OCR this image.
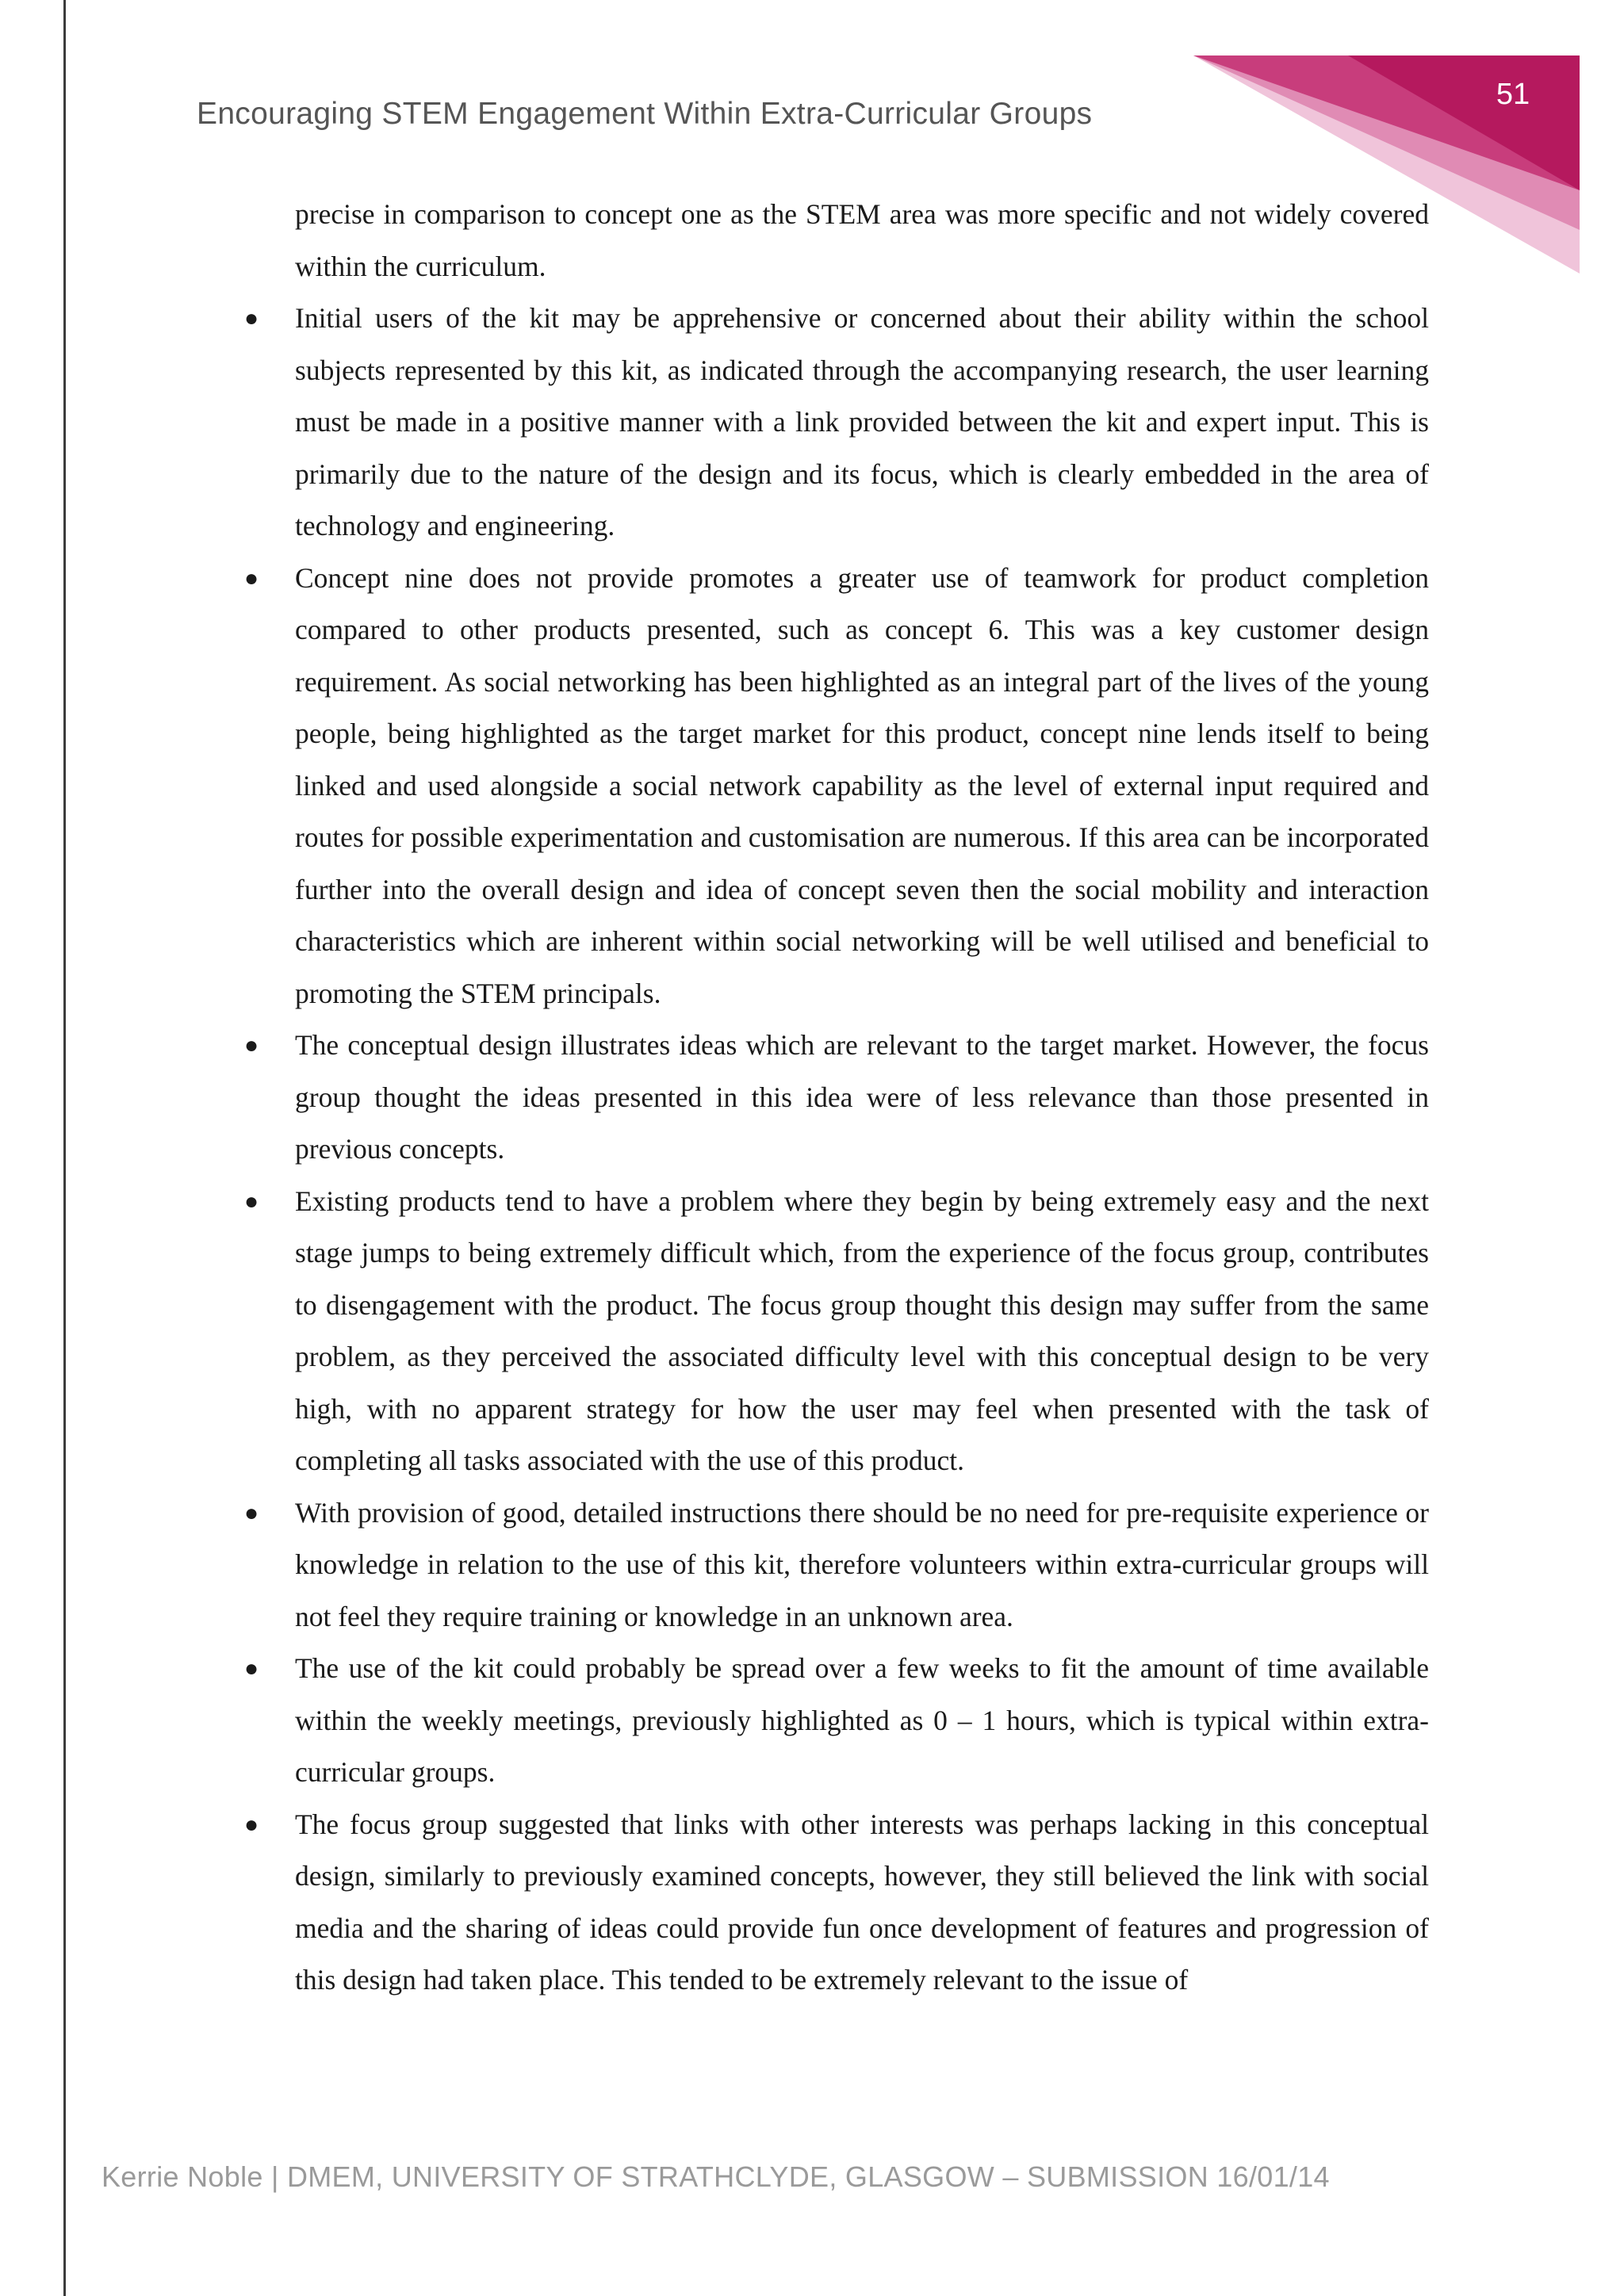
51
Encouraging STEM Engagement Within Extra-Curricular Groups

precise in comparison to concept one as the STEM area was more specific and not widely covered within the curriculum.

● Initial users of the kit may be apprehensive or concerned about their ability within the school subjects represented by this kit, as indicated through the accompanying research, the user learning must be made in a positive manner with a link provided between the kit and expert input. This is primarily due to the nature of the design and its focus, which is clearly embedded in the area of technology and engineering.
● Concept nine does not provide promotes a greater use of teamwork for product completion compared to other products presented, such as concept 6. This was a key customer design requirement. As social networking has been highlighted as an integral part of the lives of the young people, being highlighted as the target market for this product, concept nine lends itself to being linked and used alongside a social network capability as the level of external input required and routes for possible experimentation and customisation are numerous. If this area can be incorporated further into the overall design and idea of concept seven then the social mobility and interaction characteristics which are inherent within social networking will be well utilised and beneficial to promoting the STEM principals.
● The conceptual design illustrates ideas which are relevant to the target market. However, the focus group thought the ideas presented in this idea were of less relevance than those presented in previous concepts.
● Existing products tend to have a problem where they begin by being extremely easy and the next stage jumps to being extremely difficult which, from the experience of the focus group, contributes to disengagement with the product. The focus group thought this design may suffer from the same problem, as they perceived the associated difficulty level with this conceptual design to be very high, with no apparent strategy for how the user may feel when presented with the task of completing all tasks associated with the use of this product.
● With provision of good, detailed instructions there should be no need for pre-requisite experience or knowledge in relation to the use of this kit, therefore volunteers within extra-curricular groups will not feel they require training or knowledge in an unknown area.
● The use of the kit could probably be spread over a few weeks to fit the amount of time available within the weekly meetings, previously highlighted as 0 – 1 hours, which is typical within extra-curricular groups.
● The focus group suggested that links with other interests was perhaps lacking in this conceptual design, similarly to previously examined concepts, however, they still believed the link with social media and the sharing of ideas could provide fun once development of features and progression of this design had taken place. This tended to be extremely relevant to the issue of
Kerrie Noble | DMEM, UNIVERSITY OF STRATHCLYDE, GLASGOW – SUBMISSION 16/01/14
